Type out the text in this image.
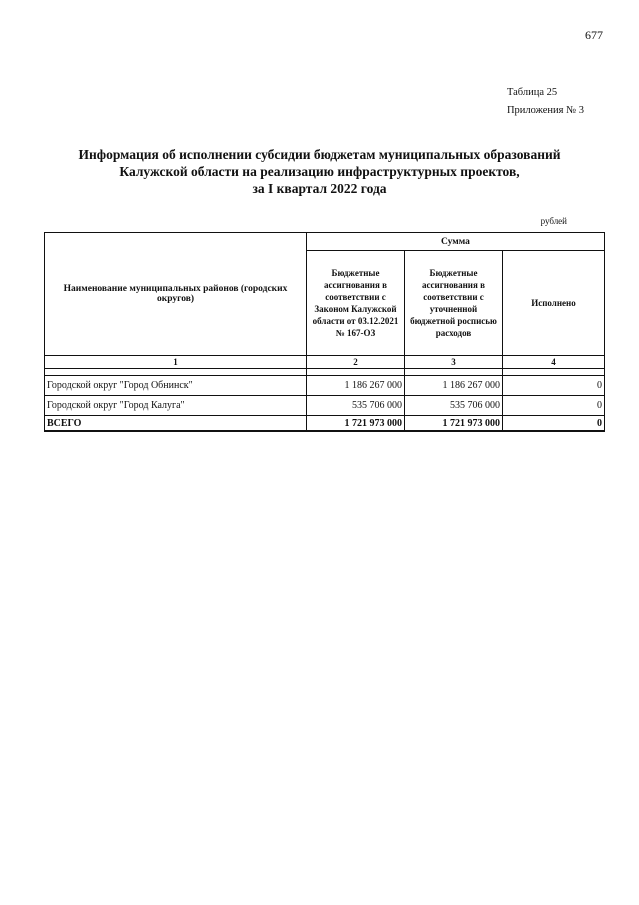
677
Таблица 25
Приложения № 3
Информация об исполнении субсидии бюджетам муниципальных образований
Калужской области на реализацию инфраструктурных проектов,
за I квартал 2022 года
рублей
Наименование муниципальных районов (городских округов)	Сумма		
	Бюджетные ассигнования в соответствии с Законом Калужской области от 03.12.2021 № 167-ОЗ	Бюджетные ассигнования в соответствии с уточненной бюджетной росписью расходов	Исполнено
1	2	3	4

Городской округ "Город Обнинск"	1 186 267 000	1 186 267 000	0
Городской округ "Город Калуга"	535 706 000	535 706 000	0
ВСЕГО	1 721 973 000	1 721 973 000	0
